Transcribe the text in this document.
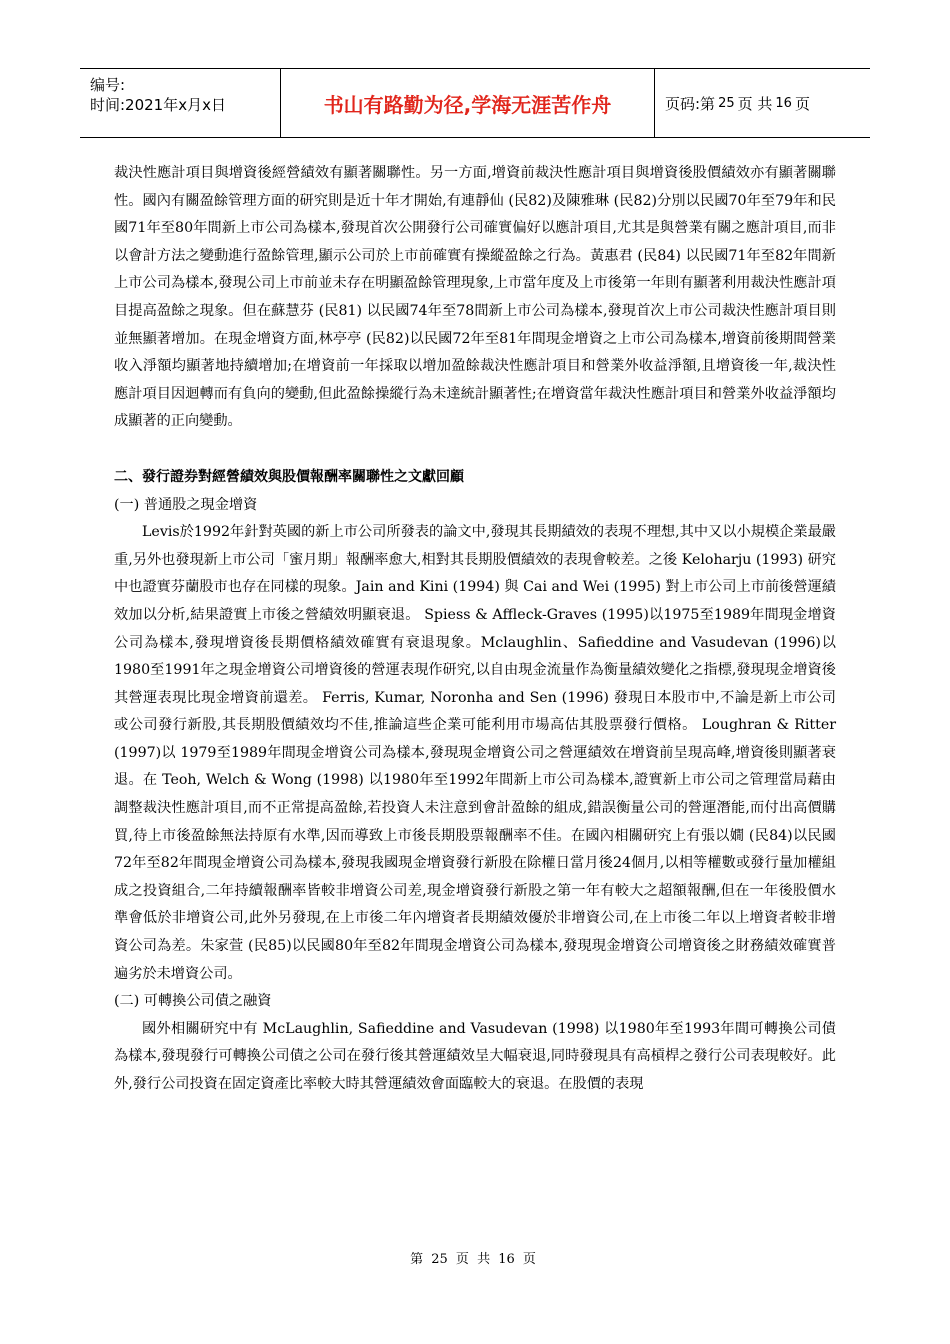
编号:
时间:2021年x月x日	书山有路勤为径,学海无涯苦作舟	页码:第 25 页 共 16 页

裁決性應計項目與增資後經營績效有顯著關聯性。另一方面,增資前裁決性應計項目與增資後股價績效亦有顯著關聯性。國內有關盈餘管理方面的研究則是近十年才開始,有連靜仙 (民82)及陳雅琳 (民82)分別以民國70年至79年和民國71年至80年間新上市公司為樣本,發現首次公開發行公司確實偏好以應計項目,尤其是與營業有關之應計項目,而非以會計方法之變動進行盈餘管理,顯示公司於上市前確實有操縱盈餘之行為。黃惠君 (民84) 以民國71年至82年間新上市公司為樣本,發現公司上市前並未存在明顯盈餘管理現象,上市當年度及上市後第一年則有顯著利用裁決性應計項目提高盈餘之現象。但在蘇慧芬 (民81) 以民國74年至78間新上市公司為樣本,發現首次上市公司裁決性應計項目則並無顯著增加。在現金增資方面,林亭亭 (民82)以民國72年至81年間現金增資之上市公司為樣本,增資前後期間營業收入淨額均顯著地持續增加;在增資前一年採取以增加盈餘裁決性應計項目和營業外收益淨額,且增資後一年,裁決性應計項目因迴轉而有負向的變動,但此盈餘操縱行為未達統計顯著性;在增資當年裁決性應計項目和營業外收益淨額均成顯著的正向變動。

二、發行證券對經營績效與股價報酬率關聯性之文獻回顧

(一) 普通股之現金增資

Levis於1992年針對英國的新上市公司所發表的論文中,發現其長期績效的表現不理想,其中又以小規模企業最嚴重,另外也發現新上市公司「蜜月期」報酬率愈大,相對其長期股價績效的表現會較差。之後 Keloharju (1993) 研究中也證實芬蘭股市也存在同樣的現象。Jain and Kini (1994) 與 Cai and Wei (1995) 對上市公司上市前後營運績效加以分析,結果證實上市後之營績效明顯衰退。 Spiess & Affleck-Graves (1995)以1975至1989年間現金增資公司為樣本,發現增資後長期價格績效確實有衰退現象。Mclaughlin、Safieddine and Vasudevan (1996)以1980至1991年之現金增資公司增資後的營運表現作研究,以自由現金流量作為衡量績效變化之指標,發現現金增資後其營運表現比現金增資前還差。 Ferris, Kumar, Noronha and Sen (1996) 發現日本股市中,不論是新上市公司或公司發行新股,其長期股價績效均不佳,推論這些企業可能利用市場高估其股票發行價格。 Loughran & Ritter (1997)以 1979至1989年間現金增資公司為樣本,發現現金增資公司之營運績效在增資前呈現高峰,增資後則顯著衰退。在 Teoh, Welch & Wong (1998) 以1980年至1992年間新上市公司為樣本,證實新上市公司之管理當局藉由調整裁決性應計項目,而不正常提高盈餘,若投資人未注意到會計盈餘的組成,錯誤衡量公司的營運潛能,而付出高價購買,待上市後盈餘無法持原有水準,因而導致上市後長期股票報酬率不佳。在國內相關研究上有張以嫺 (民84)以民國72年至82年間現金增資公司為樣本,發現我國現金增資發行新股在除權日當月後24個月,以相等權數或發行量加權組成之投資組合,二年持續報酬率皆較非增資公司差,現金增資發行新股之第一年有較大之超額報酬,但在一年後股價水準會低於非增資公司,此外另發現,在上市後二年內增資者長期績效優於非增資公司,在上市後二年以上增資者較非增資公司為差。朱家萱 (民85)以民國80年至82年間現金增資公司為樣本,發現現金增資公司增資後之財務績效確實普遍劣於未增資公司。

(二) 可轉換公司債之融資

國外相關研究中有 McLaughlin, Safieddine and Vasudevan (1998) 以1980年至1993年間可轉換公司債為樣本,發現發行可轉換公司債之公司在發行後其營運績效呈大幅衰退,同時發現具有高槓桿之發行公司表現較好。此外,發行公司投資在固定資產比率較大時其營運績效會面臨較大的衰退。在股價的表現

第 25 页 共 16 页
